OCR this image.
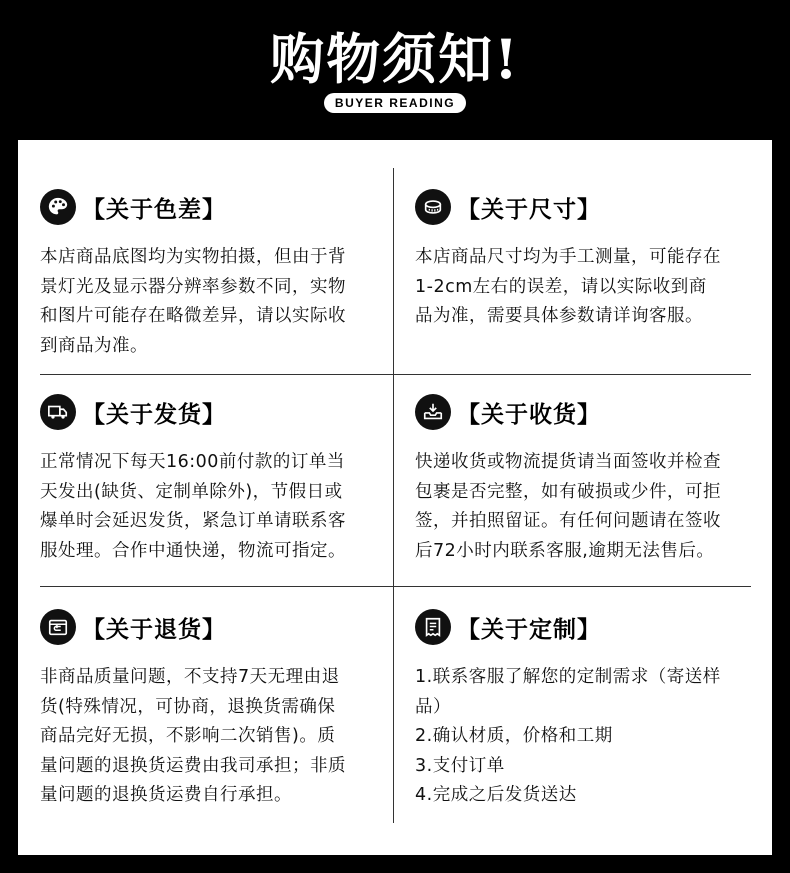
购物须知!
BUYER READING
【关于色差】
本店商品底图均为实物拍摄，但由于背
景灯光及显示器分辨率参数不同，实物
和图片可能存在略微差异，请以实际收
到商品为准。
【关于尺寸】
本店商品尺寸均为手工测量，可能存在
1-2cm左右的误差，请以实际收到商
品为准，需要具体参数请详询客服。
【关于发货】
正常情况下每天16:00前付款的订单当
天发出(缺货、定制单除外)，节假日或
爆单时会延迟发货，紧急订单请联系客
服处理。合作中通快递，物流可指定。
【关于收货】
快递收货或物流提货请当面签收并检查
包裹是否完整，如有破损或少件，可拒
签，并拍照留证。有任何问题请在签收
后72小时内联系客服,逾期无法售后。
【关于退货】
非商品质量问题，不支持7天无理由退
货(特殊情况，可协商，退换货需确保
商品完好无损，不影响二次销售)。质
量问题的退换货运费由我司承担；非质
量问题的退换货运费自行承担。
【关于定制】
1.联系客服了解您的定制需求（寄送样
品）
2.确认材质，价格和工期
3.支付订单
4.完成之后发货送达
